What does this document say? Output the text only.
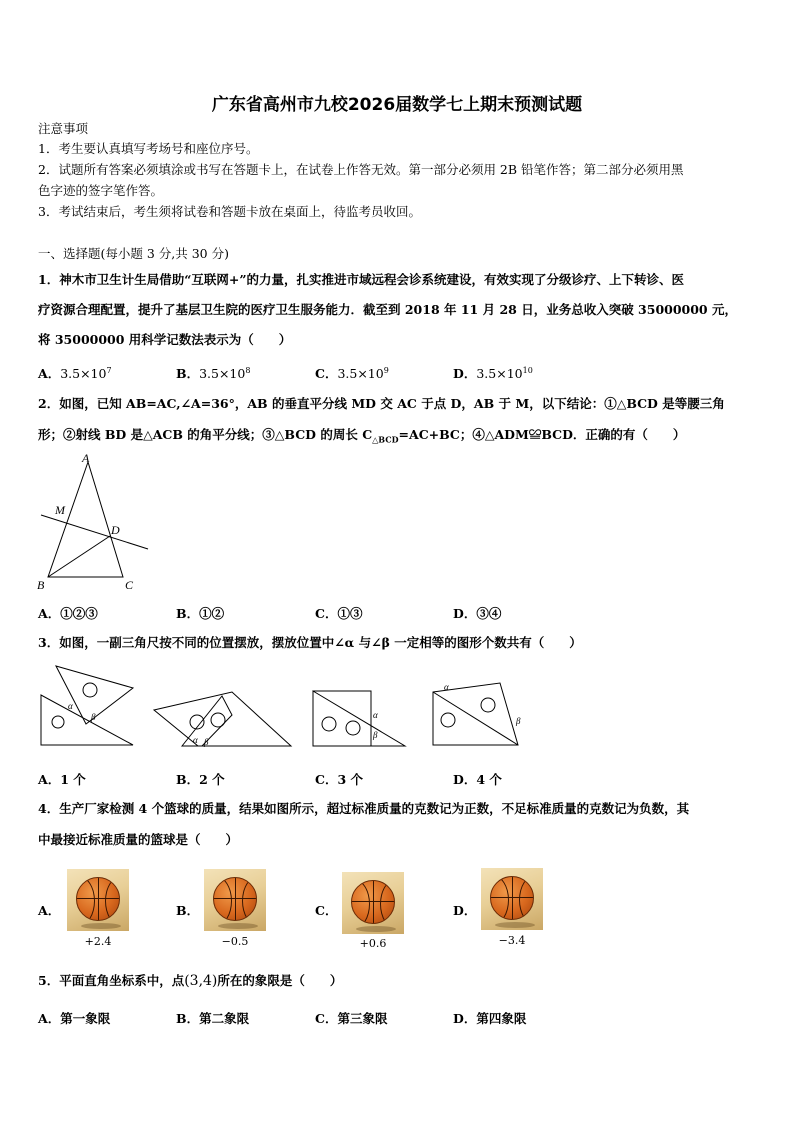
广东省高州市九校2026届数学七上期末预测试题
注意事项
1．考生要认真填写考场号和座位序号。
2．试题所有答案必须填涂或书写在答题卡上，在试卷上作答无效。第一部分必须用 2B 铅笔作答；第二部分必须用黑
色字迹的签字笔作答。
3．考试结束后，考生须将试卷和答题卡放在桌面上，待监考员收回。
一、选择题(每小题 3 分,共 30 分)
1．神木市卫生计生局借助“互联网+”的力量，扎实推进市域远程会诊系统建设，有效实现了分级诊疗、上下转诊、医
疗资源合理配置，提升了基层卫生院的医疗卫生服务能力．截至到 2018 年 11 月 28 日，业务总收入突破 35000000 元，
将 35000000 用科学记数法表示为（　　）
A．$3.5\times 10^7$	B．$3.5\times 10^8$	C．$3.5\times 10^9$	D．$3.5\times 10^{10}$
2．如图，已知 AB=AC,∠A=36°，AB 的垂直平分线 MD 交 AC 于点 D，AB 于 M，以下结论：①△BCD 是等腰三角
形；②射线 BD 是△ACB 的角平分线；③△BCD 的周长 $C_{\triangle BCD}=AC+BC$；④△ADM≌BCD．正确的有（　　）
A
M
D
B	C
A．①②③	B．①②	C．①③	D．③④
3．如图，一副三角尺按不同的位置摆放，摆放位置中∠α 与∠β 一定相等的图形个数共有（　　）
α
β
α β
α
β
α
β
A．1 个	B．2 个	C．3 个	D．4 个
4．生产厂家检测 4 个篮球的质量，结果如图所示，超过标准质量的克数记为正数，不足标准质量的克数记为负数，其
中最接近标准质量的篮球是（　　）
A．
+2.4
B．
−0.5
C．
+0.6
D．
−3.4
5．平面直角坐标系中，点(3,4)所在的象限是（　　）
A．第一象限	B．第二象限	C．第三象限	D．第四象限
